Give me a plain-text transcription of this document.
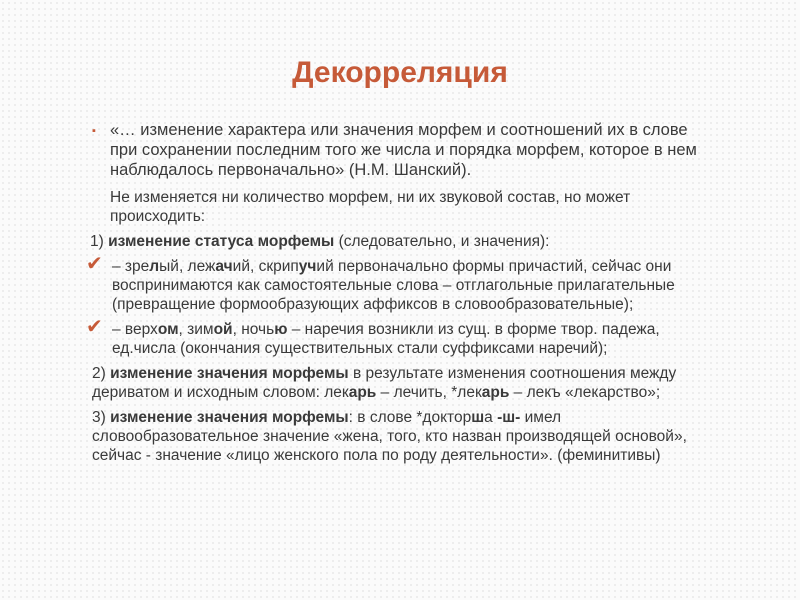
Декорреляция
▪ «… изменение характера или значения морфем и соотношений их в слове при сохранении последним того же числа и порядка морфем, которое в нем наблюдалось первоначально» (Н.М. Шанский).
Не изменяется ни количество морфем, ни их звуковой состав, но может происходить:
1) изменение статуса морфемы (следовательно, и значения):
✔ – зрелый, лежачий, скрипучий первоначально формы причастий, сейчас они воспринимаются как самостоятельные слова – отглагольные прилагательные (превращение формообразующих аффиксов в словообразовательные);
✔ – верхом, зимой, ночью – наречия возникли из сущ. в форме твор. падежа, ед.числа (окончания существительных стали суффиксами наречий);
2) изменение значения морфемы в результате изменения соотношения между дериватом и исходным словом: лекарь – лечить, *лекарь – лекъ «лекарство»;
3) изменение значения морфемы: в слове *докторша -ш- имел словообразовательное значение «жена, того, кто назван производящей основой», сейчас - значение «лицо женского пола по роду деятельности». (феминитивы)
